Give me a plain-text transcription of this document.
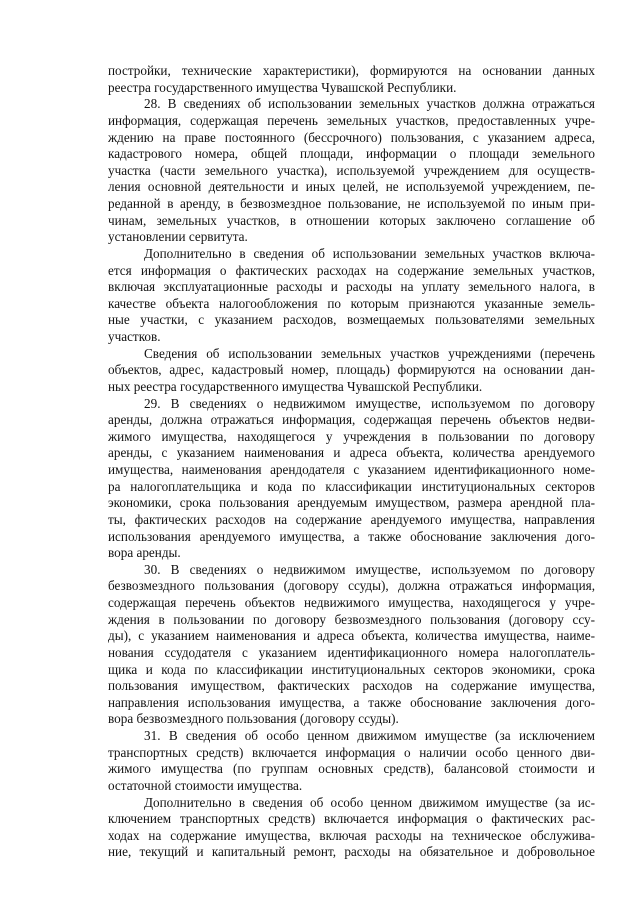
постройки, технические характеристики), формируются на основании данных

реестра государственного имущества Чувашской Республики.

28. В сведениях об использовании земельных участков должна отражаться

информация, содержащая перечень земельных участков, предоставленных учре-

ждению на праве постоянного (бессрочного) пользования, с указанием адреса,

кадастрового номера, общей площади, информации о площади земельного

участка (части земельного участка), используемой учреждением для осуществ-

ления основной деятельности и иных целей, не используемой учреждением, пе-

реданной в аренду, в безвозмездное пользование, не используемой по иным при-

чинам, земельных участков, в отношении которых заключено соглашение об

установлении сервитута.

Дополнительно в сведения об использовании земельных участков включа-

ется информация о фактических расходах на содержание земельных участков,

включая эксплуатационные расходы и расходы на уплату земельного налога, в

качестве объекта налогообложения по которым признаются указанные земель-

ные участки, с указанием расходов, возмещаемых пользователями земельных

участков.

Сведения об использовании земельных участков учреждениями (перечень

объектов, адрес, кадастровый номер, площадь) формируются на основании дан-

ных реестра государственного имущества Чувашской Республики.

29. В сведениях о недвижимом имуществе, используемом по договору

аренды, должна отражаться информация, содержащая перечень объектов недви-

жимого имущества, находящегося у учреждения в пользовании по договору

аренды, с указанием наименования и адреса объекта, количества арендуемого

имущества, наименования арендодателя с указанием идентификационного номе-

ра налогоплательщика и кода по классификации институциональных секторов

экономики, срока пользования арендуемым имуществом, размера арендной пла-

ты, фактических расходов на содержание арендуемого имущества, направления

использования арендуемого имущества, а также обоснование заключения дого-

вора аренды.

30. В сведениях о недвижимом имуществе, используемом по договору

безвозмездного пользования (договору ссуды), должна отражаться информация,

содержащая перечень объектов недвижимого имущества, находящегося у учре-

ждения в пользовании по договору безвозмездного пользования (договору ссу-

ды), с указанием наименования и адреса объекта, количества имущества, наиме-

нования ссудодателя с указанием идентификационного номера налогоплатель-

щика и кода по классификации институциональных секторов экономики, срока

пользования имуществом, фактических расходов на содержание имущества,

направления использования имущества, а также обоснование заключения дого-

вора безвозмездного пользования (договору ссуды).

31. В сведения об особо ценном движимом имуществе (за исключением

транспортных средств) включается информация о наличии особо ценного дви-

жимого имущества (по группам основных средств), балансовой стоимости и

остаточной стоимости имущества.

Дополнительно в сведения об особо ценном движимом имуществе (за ис-

ключением транспортных средств) включается информация о фактических рас-

ходах на содержание имущества, включая расходы на техническое обслужива-

ние, текущий и капитальный ремонт, расходы на обязательное и добровольное
